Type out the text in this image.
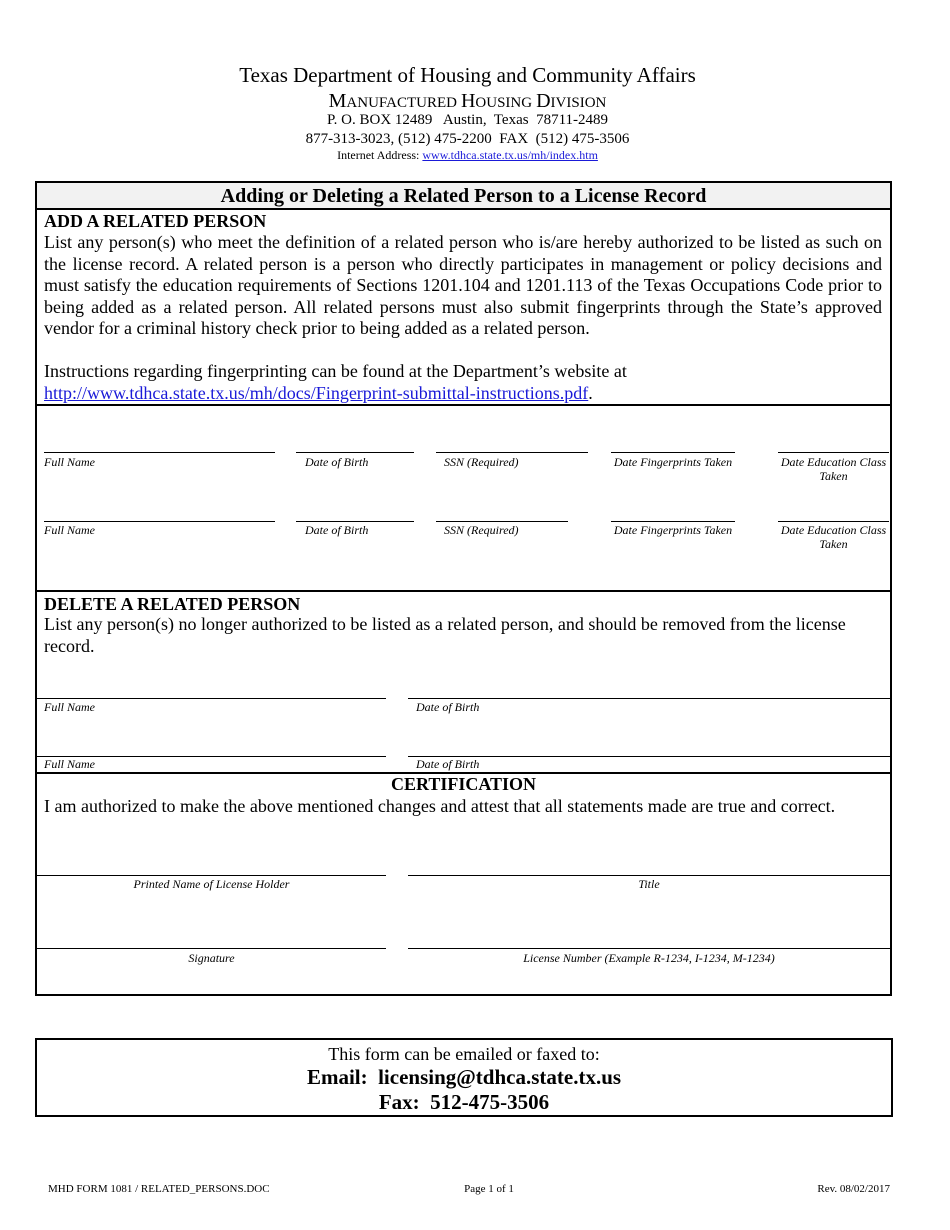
Texas Department of Housing and Community Affairs
MANUFACTURED HOUSING DIVISION
P. O. BOX 12489   Austin,  Texas  78711-2489
877-313-3023, (512) 475-2200  FAX  (512) 475-3506
Internet Address: www.tdhca.state.tx.us/mh/index.htm
Adding or Deleting a Related Person to a License Record
ADD A RELATED PERSON
List any person(s) who meet the definition of a related person who is/are hereby authorized to be listed as such on the license record. A related person is a person who directly participates in management or policy decisions and must satisfy the education requirements of Sections 1201.104 and 1201.113 of the Texas Occupations Code prior to being added as a related person. All related persons must also submit fingerprints through the State’s approved vendor for a criminal history check prior to being added as a related person.
Instructions regarding fingerprinting can be found at the Department’s website at
http://www.tdhca.state.tx.us/mh/docs/Fingerprint-submittal-instructions.pdf.
Full Name	Date of Birth	SSN (Required)	Date Fingerprints Taken	Date Education Class Taken
Full Name	Date of Birth	SSN (Required)	Date Fingerprints Taken	Date Education Class Taken
DELETE A RELATED PERSON
List any person(s) no longer authorized to be listed as a related person, and should be removed from the license record.
Full Name	Date of Birth
Full Name	Date of Birth
CERTIFICATION
I am authorized to make the above mentioned changes and attest that all statements made are true and correct.
Printed Name of License Holder	Title
Signature	License Number (Example R-1234, I-1234, M-1234)
This form can be emailed or faxed to:
Email:  licensing@tdhca.state.tx.us
Fax:  512-475-3506
MHD FORM 1081 / RELATED_PERSONS.DOC	Page 1 of 1	Rev. 08/02/2017
